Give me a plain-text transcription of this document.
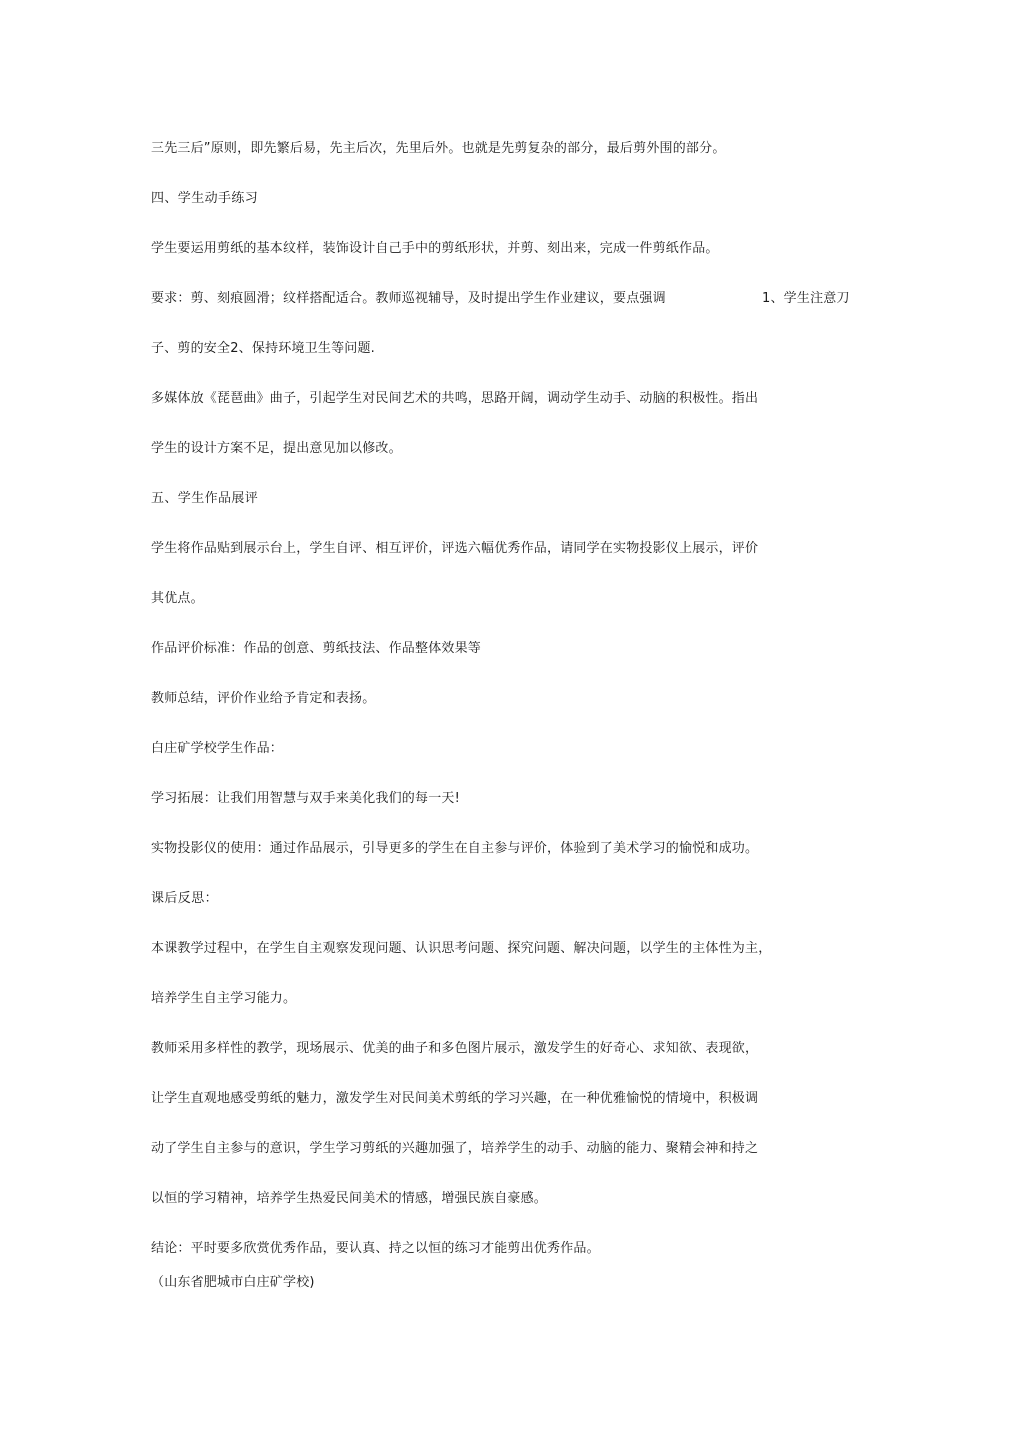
三先三后”原则，即先繁后易，先主后次，先里后外。也就是先剪复杂的部分，最后剪外围的部分。
四、学生动手练习
学生要运用剪纸的基本纹样，装饰设计自己手中的剪纸形状，并剪、刻出来，完成一件剪纸作品。
要求：剪、刻痕圆滑；纹样搭配适合。教师巡视辅导，及时提出学生作业建议，要点强调	1、学生注意刀
子、剪的安全2、保持环境卫生等问题.
多媒体放《琵琶曲》曲子，引起学生对民间艺术的共鸣，思路开阔，调动学生动手、动脑的积极性。指出
学生的设计方案不足，提出意见加以修改。
五、学生作品展评
学生将作品贴到展示台上，学生自评、相互评价，评选六幅优秀作品，请同学在实物投影仪上展示，评价
其优点。
作品评价标准：作品的创意、剪纸技法、作品整体效果等
教师总结，评价作业给予肯定和表扬。
白庄矿学校学生作品：
学习拓展：让我们用智慧与双手来美化我们的每一天!
实物投影仪的使用：通过作品展示，引导更多的学生在自主参与评价，体验到了美术学习的愉悦和成功。
课后反思：
本课教学过程中，在学生自主观察发现问题、认识思考问题、探究问题、解决问题，以学生的主体性为主，
培养学生自主学习能力。
教师采用多样性的教学，现场展示、优美的曲子和多色图片展示，激发学生的好奇心、求知欲、表现欲，
让学生直观地感受剪纸的魅力，激发学生对民间美术剪纸的学习兴趣，在一种优雅愉悦的情境中，积极调
动了学生自主参与的意识，学生学习剪纸的兴趣加强了，培养学生的动手、动脑的能力、聚精会神和持之
以恒的学习精神，培养学生热爱民间美术的情感，增强民族自豪感。
结论：平时要多欣赏优秀作品，要认真、持之以恒的练习才能剪出优秀作品。
（山东省肥城市白庄矿学校)
